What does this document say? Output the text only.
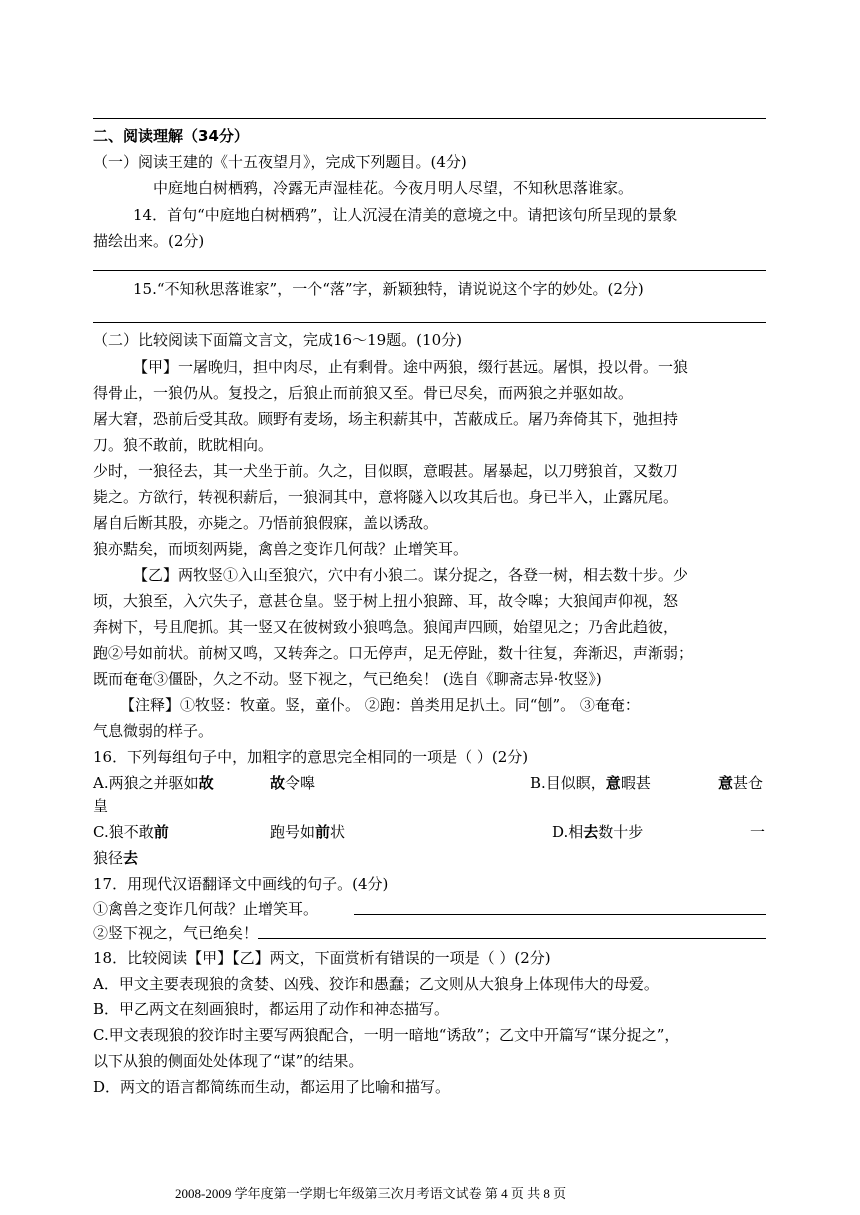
二、阅读理解（34分）
（一）阅读王建的《十五夜望月》，完成下列题目。(4分)
中庭地白树栖鸦，冷露无声湿桂花。今夜月明人尽望，不知秋思落谁家。
14．首句“中庭地白树栖鸦”，让人沉浸在清美的意境之中。请把该句所呈现的景象
描绘出来。(2分)
15.“不知秋思落谁家”，一个“落”字，新颖独特，请说说这个字的妙处。(2分)
（二）比较阅读下面篇文言文，完成16～19题。(10分)
【甲】一屠晚归，担中肉尽，止有剩骨。途中两狼，缀行甚远。屠惧，投以骨。一狼
得骨止，一狼仍从。复投之，后狼止而前狼又至。骨已尽矣，而两狼之并驱如故。
屠大窘，恐前后受其敌。顾野有麦场，场主积薪其中，苫蔽成丘。屠乃奔倚其下，弛担持
刀。狼不敢前，眈眈相向。
少时，一狼径去，其一犬坐于前。久之，目似瞑，意暇甚。屠暴起，以刀劈狼首，又数刀
毙之。方欲行，转视积薪后，一狼洞其中，意将隧入以攻其后也。身已半入，止露尻尾。
屠自后断其股，亦毙之。乃悟前狼假寐，盖以诱敌。
狼亦黠矣，而顷刻两毙，禽兽之变诈几何哉？止增笑耳。
【乙】两牧竖①入山至狼穴，穴中有小狼二。谋分捉之，各登一树，相去数十步。少
顷，大狼至，入穴失子，意甚仓皇。竖于树上扭小狼蹄、耳，故令嗥；大狼闻声仰视，怒
奔树下，号且爬抓。其一竖又在彼树致小狼鸣急。狼闻声四顾，始望见之；乃舍此趋彼，
跑②号如前状。前树又鸣，又转奔之。口无停声，足无停趾，数十往复，奔渐迟，声渐弱；
既而奄奄③僵卧，久之不动。竖下视之，气已绝矣！ (选自《聊斋志异·牧竖》)
【注释】①牧竖：牧童。竖，童仆。 ②跑：兽类用足扒土。同“刨”。 ③奄奄：
气息微弱的样子。
16．下列每组句子中，加粗字的意思完全相同的一项是（ ）(2分)
A.两狼之并驱如故	故令嗥	B.目似瞑，意暇甚	意甚仓
皇
C.狼不敢前	跑号如前状	D.相去数十步	一
狼径去
17．用现代汉语翻译文中画线的句子。(4分)
①禽兽之变诈几何哉？止增笑耳。
②竖下视之，气已绝矣！
18．比较阅读【甲】【乙】两文，下面赏析有错误的一项是（ ）(2分)
A．甲文主要表现狼的贪婪、凶残、狡诈和愚蠢；乙文则从大狼身上体现伟大的母爱。
B．甲乙两文在刻画狼时，都运用了动作和神态描写。
C.甲文表现狼的狡诈时主要写两狼配合，一明一暗地“诱敌”；乙文中开篇写“谋分捉之”，
以下从狼的侧面处处体现了“谋”的结果。
D．两文的语言都简练而生动，都运用了比喻和描写。
2008-2009 学年度第一学期七年级第三次月考语文试卷 第 4 页 共 8 页
